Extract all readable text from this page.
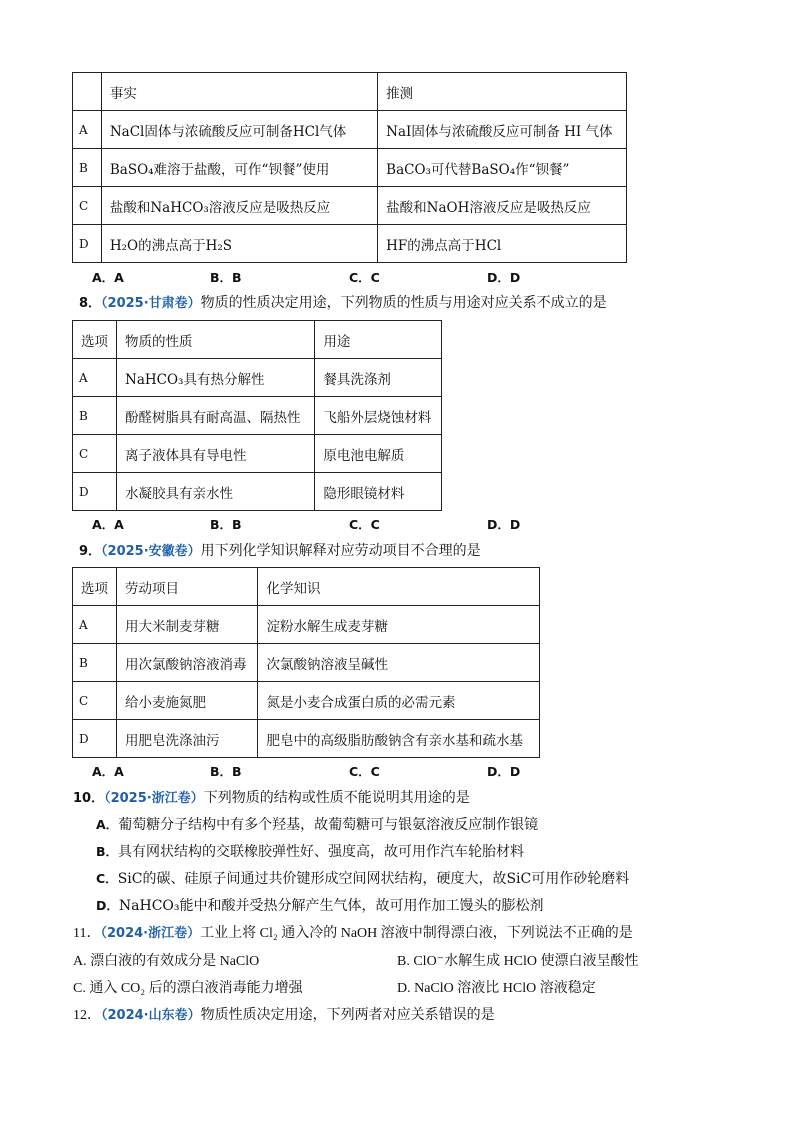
	事实	推测
A	NaCl固体与浓硫酸反应可制备HCl气体	NaI固体与浓硫酸反应可制备 HI 气体
B	BaSO₄难溶于盐酸，可作“钡餐”使用	BaCO₃可代替BaSO₄作“钡餐”
C	盐酸和NaHCO₃溶液反应是吸热反应	盐酸和NaOH溶液反应是吸热反应
D	H₂O的沸点高于H₂S	HF的沸点高于HCl
A．A	B．B	C．C	D．D
8．（2025·甘肃卷）物质的性质决定用途，下列物质的性质与用途对应关系不成立的是
选项	物质的性质	用途
A	NaHCO₃具有热分解性	餐具洗涤剂
B	酚醛树脂具有耐高温、隔热性	飞船外层烧蚀材料
C	离子液体具有导电性	原电池电解质
D	水凝胶具有亲水性	隐形眼镜材料
A．A	B．B	C．C	D．D
9．（2025·安徽卷）用下列化学知识解释对应劳动项目不合理的是
选项	劳动项目	化学知识
A	用大米制麦芽糖	淀粉水解生成麦芽糖
B	用次氯酸钠溶液消毒	次氯酸钠溶液呈碱性
C	给小麦施氮肥	氮是小麦合成蛋白质的必需元素
D	用肥皂洗涤油污	肥皂中的高级脂肪酸钠含有亲水基和疏水基
A．A	B．B	C．C	D．D
10．（2025·浙江卷）下列物质的结构或性质不能说明其用途的是
A．葡萄糖分子结构中有多个羟基，故葡萄糖可与银氨溶液反应制作银镜
B．具有网状结构的交联橡胶弹性好、强度高，故可用作汽车轮胎材料
C．SiC的碳、硅原子间通过共价键形成空间网状结构，硬度大，故SiC可用作砂轮磨料
D．NaHCO₃能中和酸并受热分解产生气体，故可用作加工馒头的膨松剂
11．（2024·浙江卷）工业上将 Cl₂ 通入冷的 NaOH 溶液中制得漂白液，下列说法不正确的是
A. 漂白液的有效成分是 NaClO	B. ClO⁻水解生成 HClO 使漂白液呈酸性
C. 通入 CO₂ 后的漂白液消毒能力增强	D. NaClO 溶液比 HClO 溶液稳定
12．（2024·山东卷）物质性质决定用途，下列两者对应关系错误的是
